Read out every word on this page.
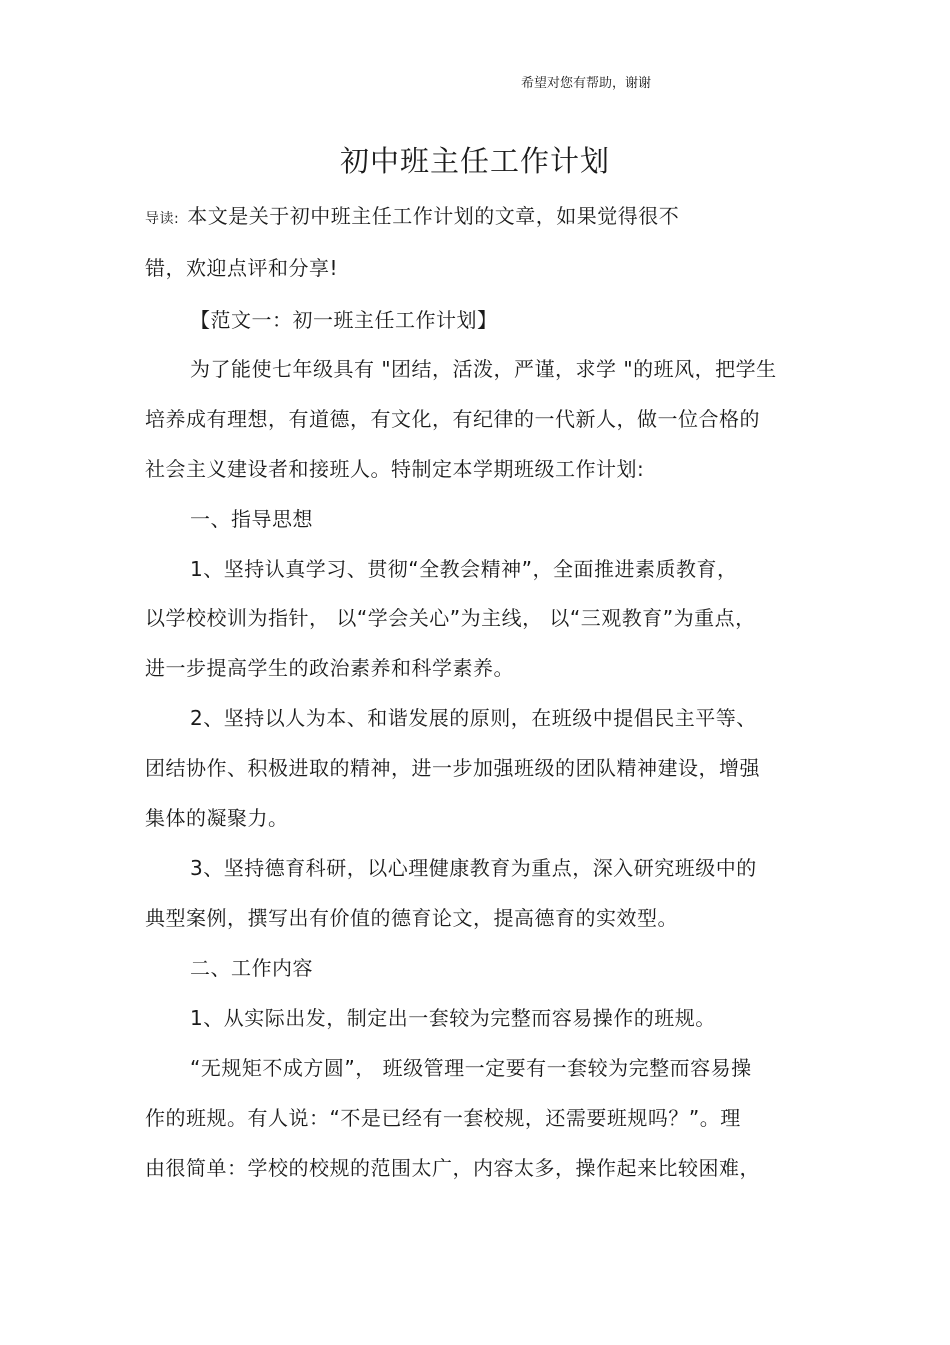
希望对您有帮助，谢谢
初中班主任工作计划
导读: 本文是关于初中班主任工作计划的文章，如果觉得很不
错，欢迎点评和分享!
【范文一：初一班主任工作计划】
为了能使七年级具有 "团结，活泼，严谨，求学 "的班风，把学生
培养成有理想，有道德，有文化，有纪律的一代新人，做一位合格的
社会主义建设者和接班人。特制定本学期班级工作计划:
一、指导思想
1、坚持认真学习、贯彻“全教会精神”，全面推进素质教育，
以学校校训为指针， 以“学会关心”为主线， 以“三观教育”为重点，
进一步提高学生的政治素养和科学素养。
2、坚持以人为本、和谐发展的原则，在班级中提倡民主平等、
团结协作、积极进取的精神，进一步加强班级的团队精神建设，增强
集体的凝聚力。
3、坚持德育科研，以心理健康教育为重点，深入研究班级中的
典型案例，撰写出有价值的德育论文，提高德育的实效型。
二、工作内容
1、从实际出发，制定出一套较为完整而容易操作的班规。
“无规矩不成方圆”， 班级管理一定要有一套较为完整而容易操
作的班规。有人说：“不是已经有一套校规，还需要班规吗？”。理
由很简单：学校的校规的范围太广，内容太多，操作起来比较困难，
